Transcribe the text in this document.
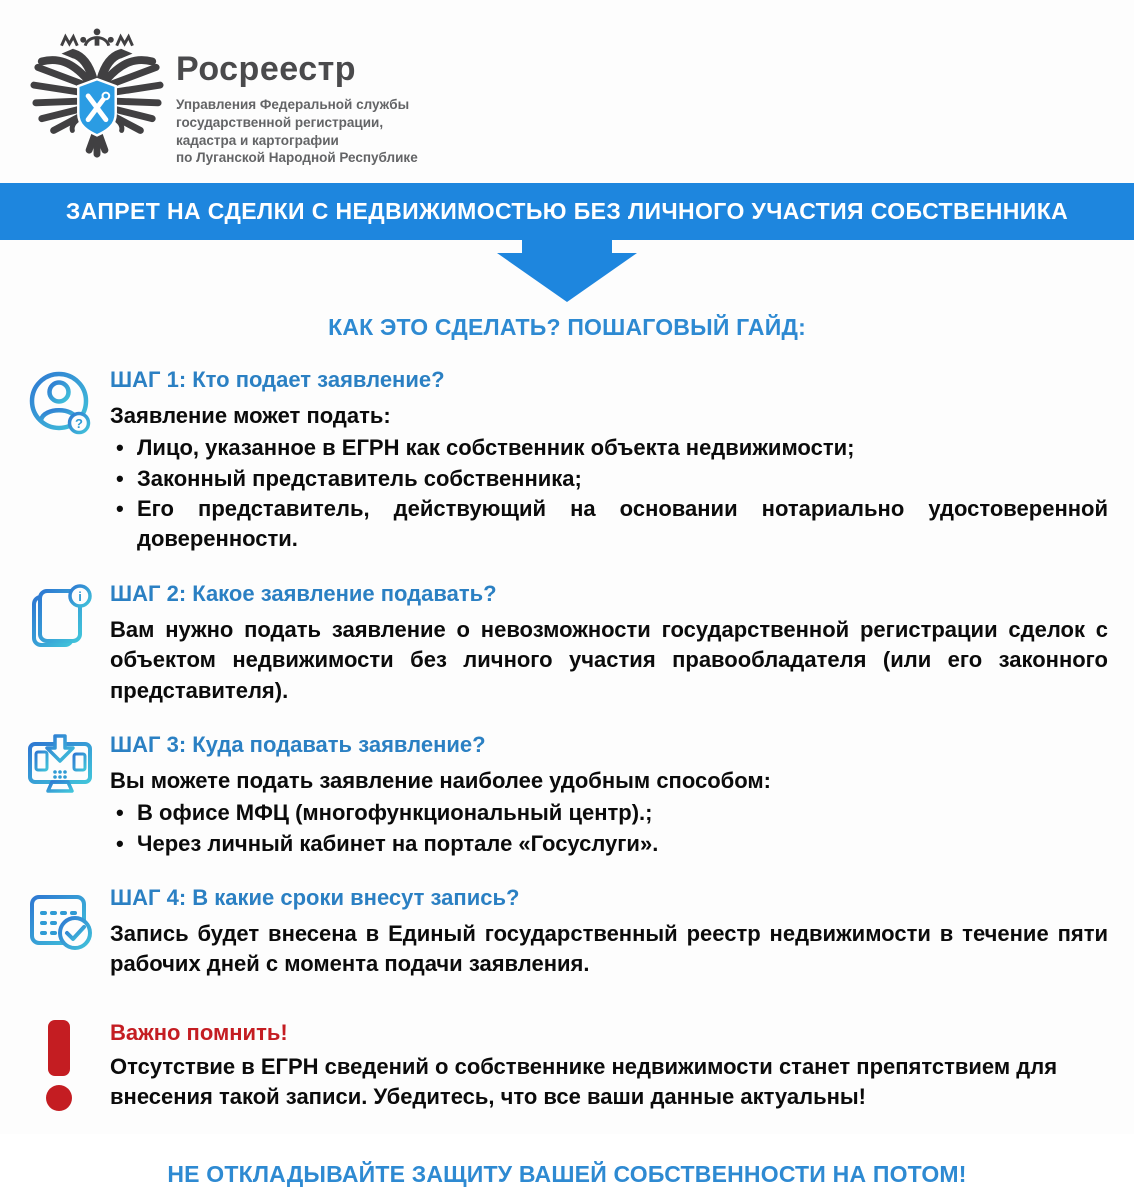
Росреестр
Управления Федеральной службы
государственной регистрации,
кадастра и картографии
по Луганской Народной Республике
ЗАПРЕТ НА СДЕЛКИ С НЕДВИЖИМОСТЬЮ БЕЗ ЛИЧНОГО УЧАСТИЯ СОБСТВЕННИКА
КАК ЭТО СДЕЛАТЬ? ПОШАГОВЫЙ ГАЙД:
?
ШАГ 1: Кто подает заявление?
Заявление может подать:
• Лицо, указанное в ЕГРН как собственник объекта недвижимости;
• Законный представитель собственника;
• Его представитель, действующий на основании нотариально удостоверенной доверенности.
i ШАГ 2: Какое заявление подавать?
Вам нужно подать заявление о невозможности государственной регистрации сделок с объектом недвижимости без личного участия правообладателя (или его законного представителя).
ШАГ 3: Куда подавать заявление?
Вы можете подать заявление наиболее удобным способом:
• В офисе МФЦ (многофункциональный центр).;
• Через личный кабинет на портале «Госуслуги».
ШАГ 4: В какие сроки внесут запись?
Запись будет внесена в Единый государственный реестр недвижимости в течение пяти рабочих дней с момента подачи заявления.
Важно помнить!
Отсутствие в ЕГРН сведений о собственнике недвижимости станет препятствием для внесения такой записи. Убедитесь, что все ваши данные актуальны!
НЕ ОТКЛАДЫВАЙТЕ ЗАЩИТУ ВАШЕЙ СОБСТВЕННОСТИ НА ПОТОМ!
